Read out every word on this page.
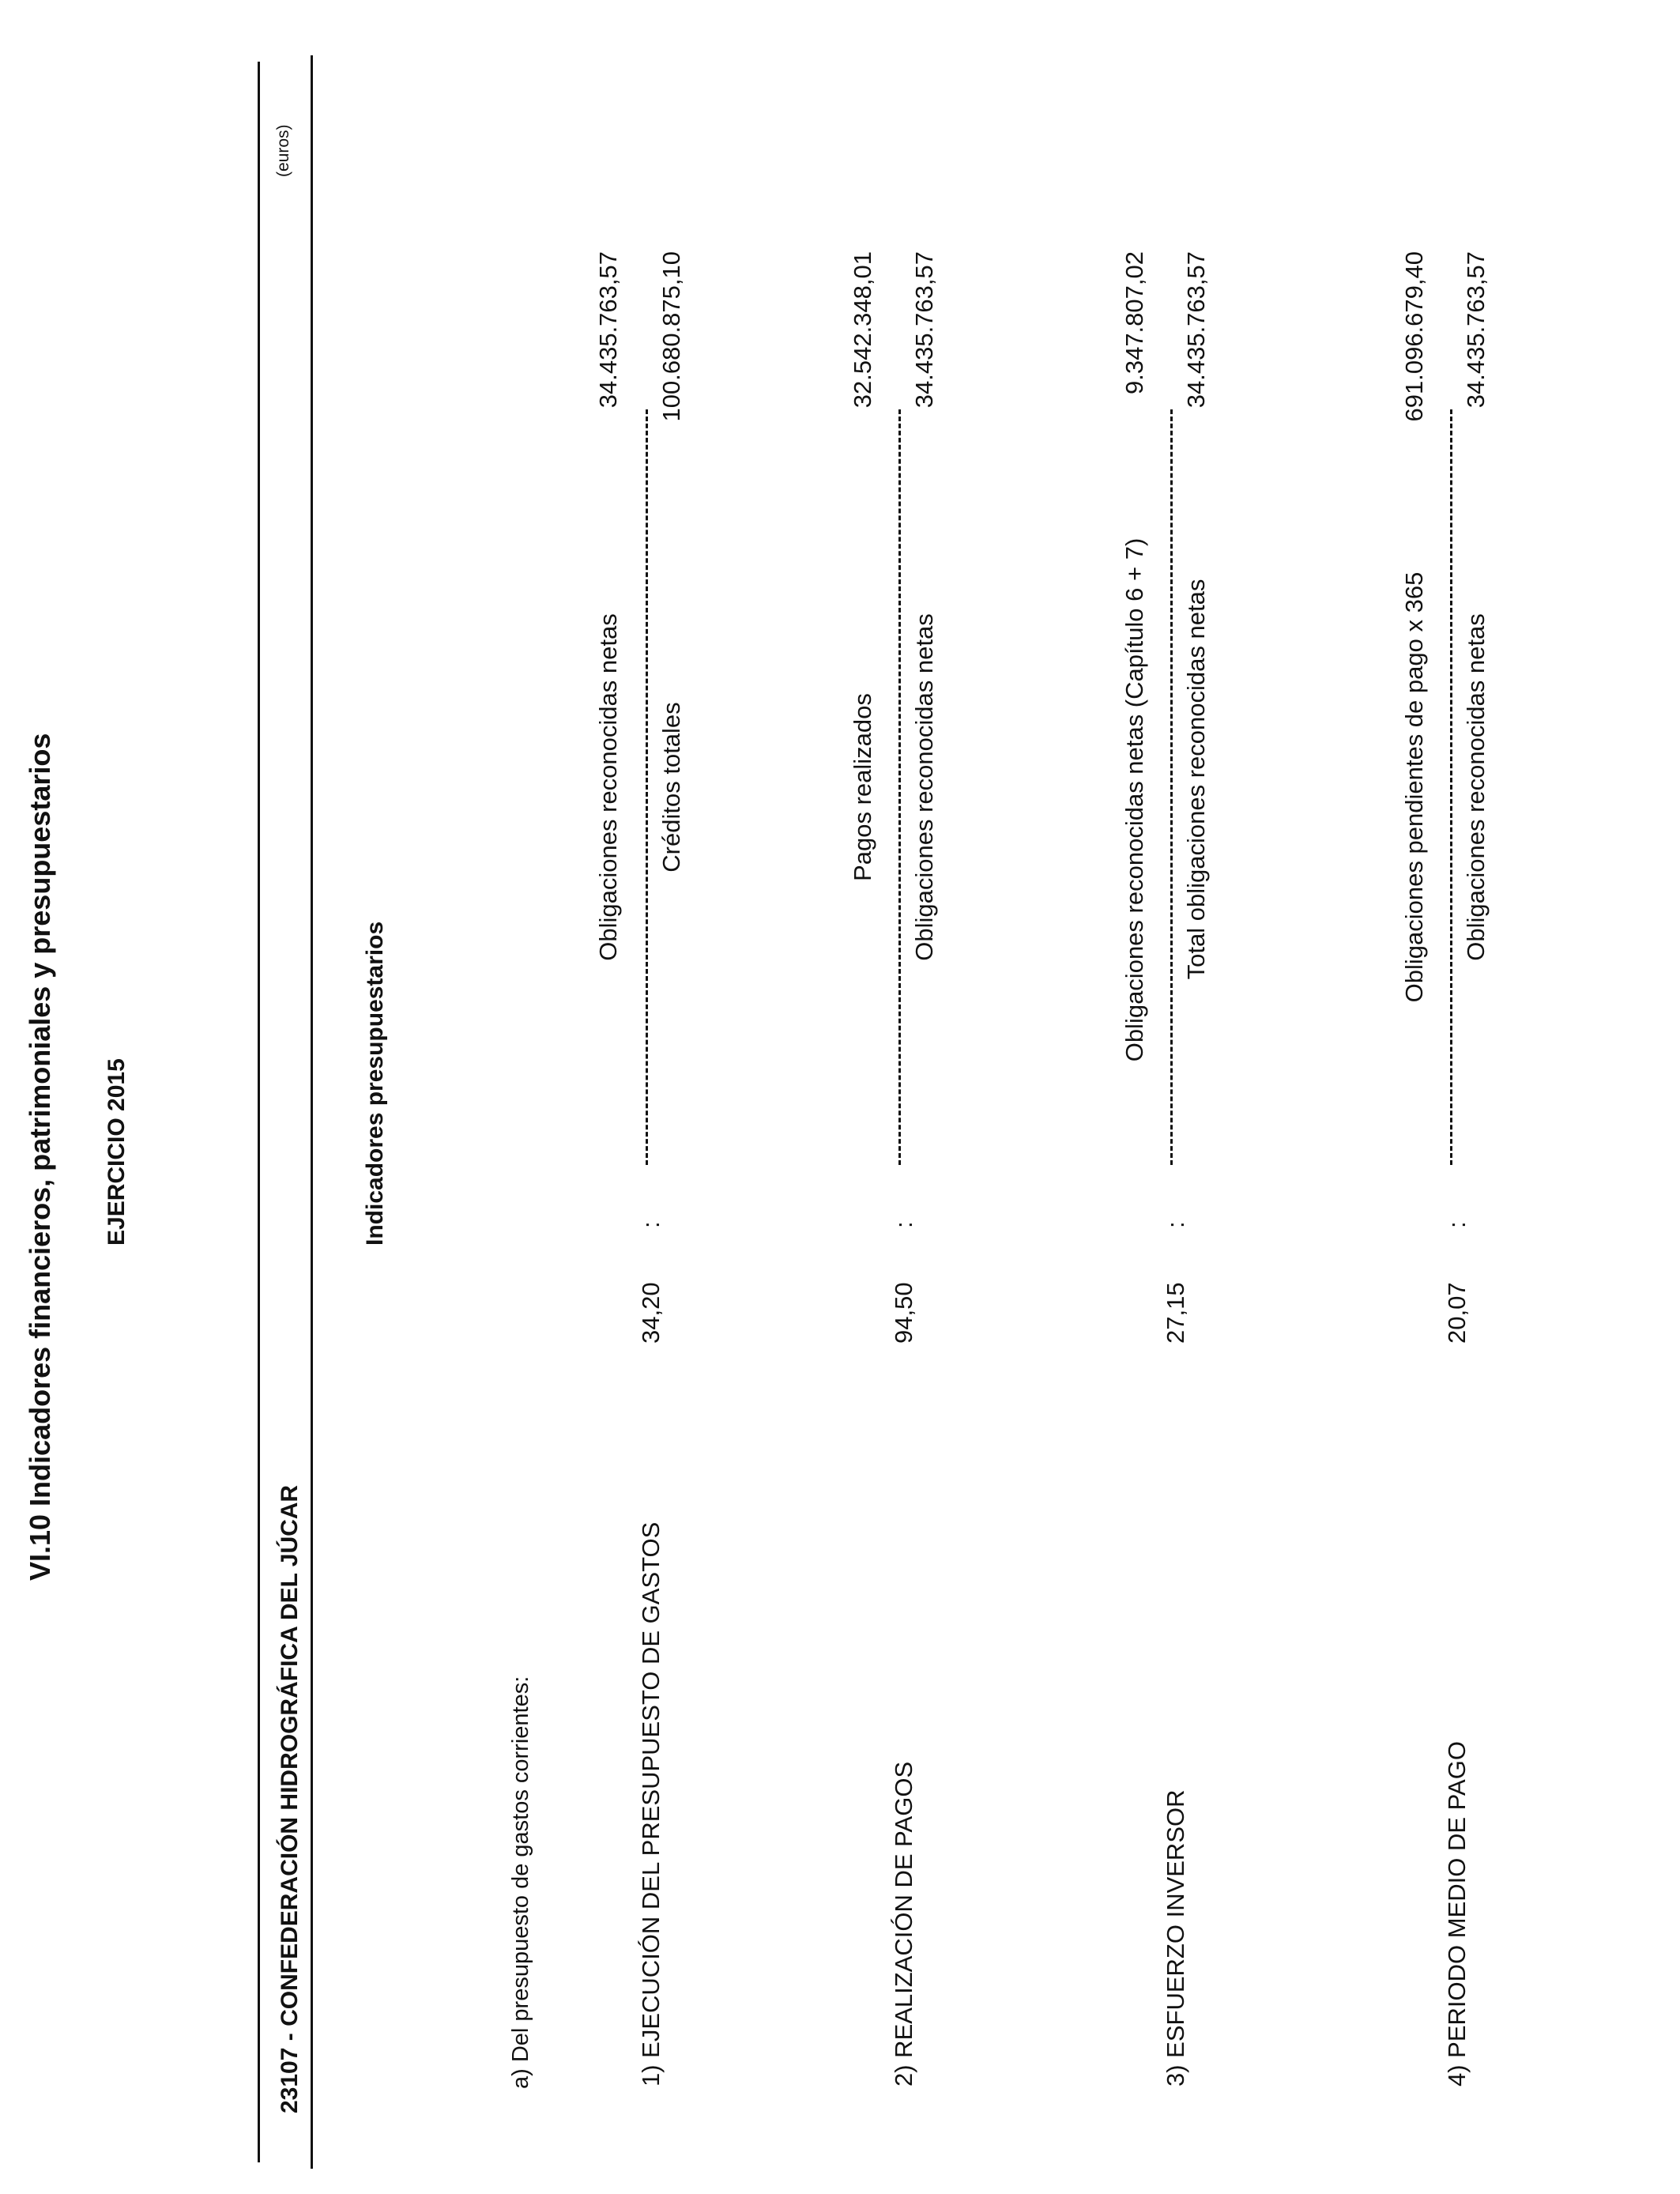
VI.10 Indicadores financieros, patrimoniales y presupuestarios EJERCICIO 2015
(euros)
23107 - CONFEDERACIÓN HIDROGRÁFICA DEL JÚCAR
Indicadores presupuestarios
a) Del presupuesto de gastos corrientes:	1) EJECUCIÓN DEL PRESUPUESTO DE GASTOS
34,20
:
Obligaciones reconocidas netas Créditos totales
34.435.763,57 100.680.875,10
2) REALIZACIÓN DE PAGOS
94,50
:
Pagos realizados Obligaciones reconocidas netas
32.542.348,01 34.435.763,57
3) ESFUERZO INVERSOR
27,15
:
Obligaciones reconocidas netas (Capítulo 6 + 7) Total obligaciones reconocidas netas
9.347.807,02 34.435.763,57
4) PERIODO MEDIO DE PAGO
20,07
:
Obligaciones pendientes de pago x 365 Obligaciones reconocidas netas
691.096.679,40 34.435.763,57
